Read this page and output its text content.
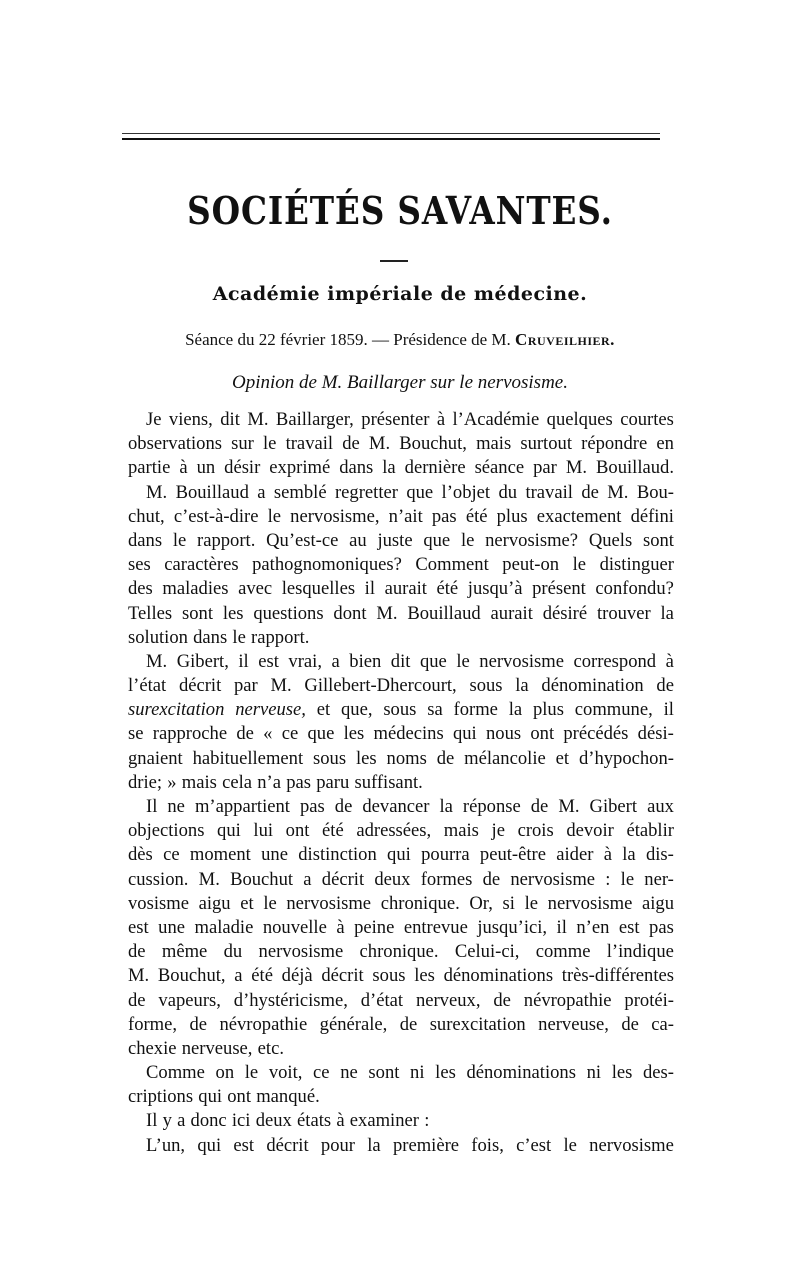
SOCIÉTÉS SAVANTES.
Académie impériale de médecine.
Séance du 22 février 1859. — Présidence de M. Cruveilhier.
Opinion de M. Baillarger sur le nervosisme.
Je viens, dit M. Baillarger, présenter à l’Académie quelques courtes
observations sur le travail de M. Bouchut, mais surtout répondre en
partie à un désir exprimé dans la dernière séance par M. Bouillaud.
M. Bouillaud a semblé regretter que l’objet du travail de M. Bou-
chut, c’est-à-dire le nervosisme, n’ait pas été plus exactement défini
dans le rapport. Qu’est-ce au juste que le nervosisme? Quels sont
ses caractères pathognomoniques? Comment peut-on le distinguer
des maladies avec lesquelles il aurait été jusqu’à présent confondu?
Telles sont les questions dont M. Bouillaud aurait désiré trouver la
solution dans le rapport.
M. Gibert, il est vrai, a bien dit que le nervosisme correspond à
l’état décrit par M. Gillebert-Dhercourt, sous la dénomination de
surexcitation nerveuse, et que, sous sa forme la plus commune, il
se rapproche de « ce que les médecins qui nous ont précédés dési-
gnaient habituellement sous les noms de mélancolie et d’hypochon-
drie; » mais cela n’a pas paru suffisant.
Il ne m’appartient pas de devancer la réponse de M. Gibert aux
objections qui lui ont été adressées, mais je crois devoir établir
dès ce moment une distinction qui pourra peut-être aider à la dis-
cussion. M. Bouchut a décrit deux formes de nervosisme : le ner-
vosisme aigu et le nervosisme chronique. Or, si le nervosisme aigu
est une maladie nouvelle à peine entrevue jusqu’ici, il n’en est pas
de même du nervosisme chronique. Celui-ci, comme l’indique
M. Bouchut, a été déjà décrit sous les dénominations très-différentes
de vapeurs, d’hystéricisme, d’état nerveux, de névropathie protéi-
forme, de névropathie générale, de surexcitation nerveuse, de ca-
chexie nerveuse, etc.
Comme on le voit, ce ne sont ni les dénominations ni les des-
criptions qui ont manqué.
Il y a donc ici deux états à examiner :
L’un, qui est décrit pour la première fois, c’est le nervosisme
